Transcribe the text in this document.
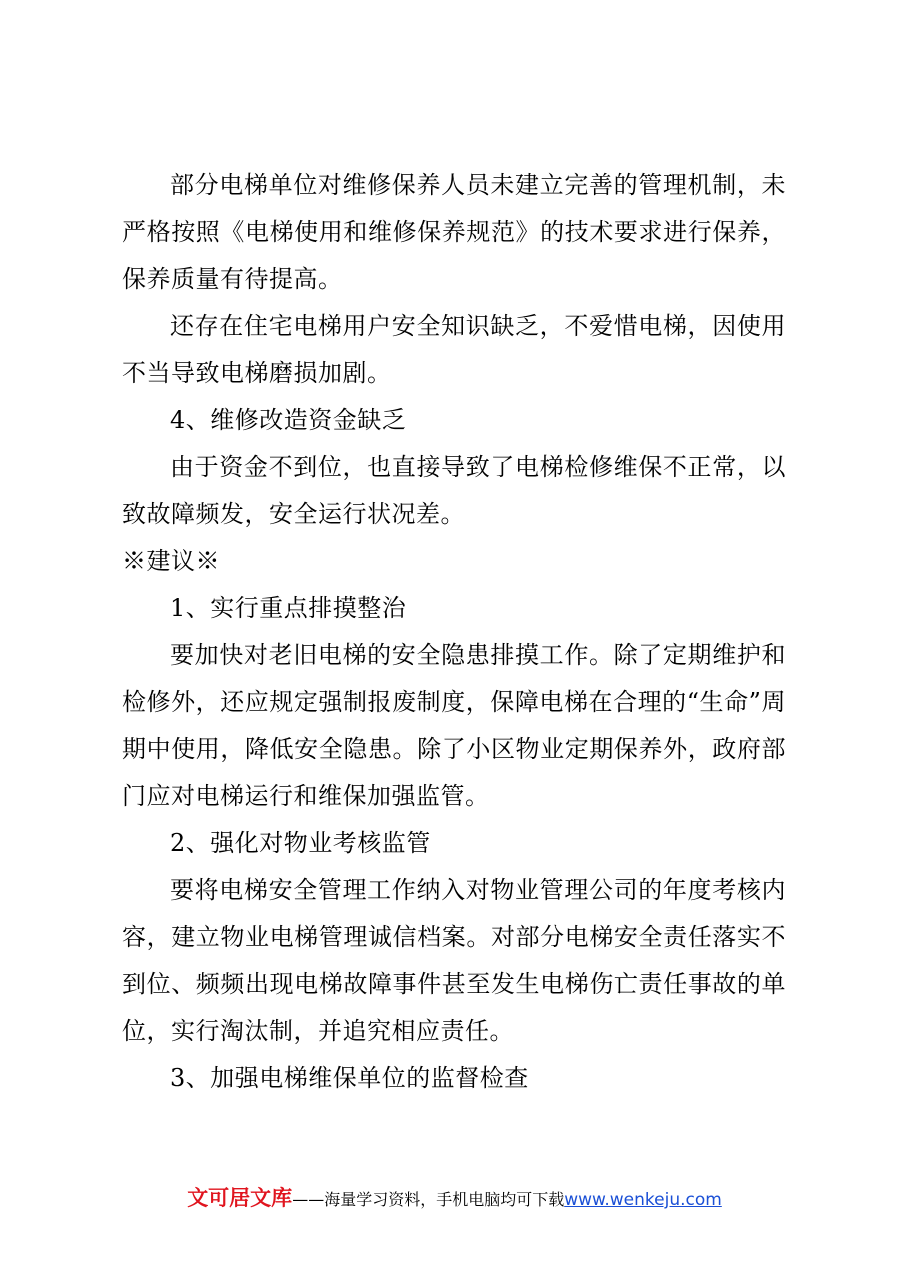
部分电梯单位对维修保养人员未建立完善的管理机制，未严格按照《电梯使用和维修保养规范》的技术要求进行保养，保养质量有待提高。

还存在住宅电梯用户安全知识缺乏，不爱惜电梯，因使用不当导致电梯磨损加剧。

4、维修改造资金缺乏

由于资金不到位，也直接导致了电梯检修维保不正常，以致故障频发，安全运行状况差。

※建议※

1、实行重点排摸整治

要加快对老旧电梯的安全隐患排摸工作。除了定期维护和检修外，还应规定强制报废制度，保障电梯在合理的“生命”周期中使用，降低安全隐患。除了小区物业定期保养外，政府部门应对电梯运行和维保加强监管。

2、强化对物业考核监管

要将电梯安全管理工作纳入对物业管理公司的年度考核内容，建立物业电梯管理诚信档案。对部分电梯安全责任落实不到位、频频出现电梯故障事件甚至发生电梯伤亡责任事故的单位，实行淘汰制，并追究相应责任。

3、加强电梯维保单位的监督检查

文可居文库——海量学习资料，手机电脑均可下载www.wenkeju.com
